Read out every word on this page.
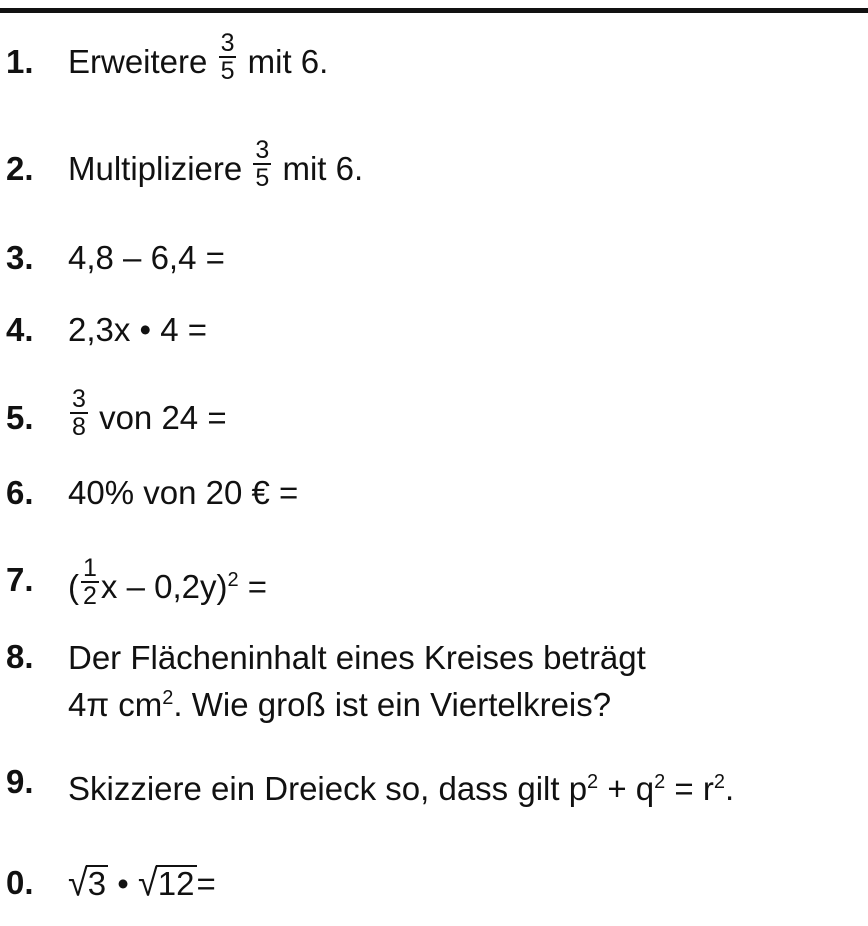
1. Erweitere $\frac{3}{5}$ mit 6.
2. Multipliziere $\frac{3}{5}$ mit 6.
3. 4,8 – 6,4 =
4. 2,3x • 4 =
5. $\frac{3}{8}$ von 24 =
6. 40% von 20 € =
7. ( $\frac{1}{2}$ x – 0,2y)$^2$ =
8. Der Flächeninhalt eines Kreises beträgt
4π $cm^2$. Wie groß ist ein Viertelkreis?
9. Skizziere ein Dreieck so, dass gilt $p^2 + q^2 = r^2$.
0. √3 • √12=
